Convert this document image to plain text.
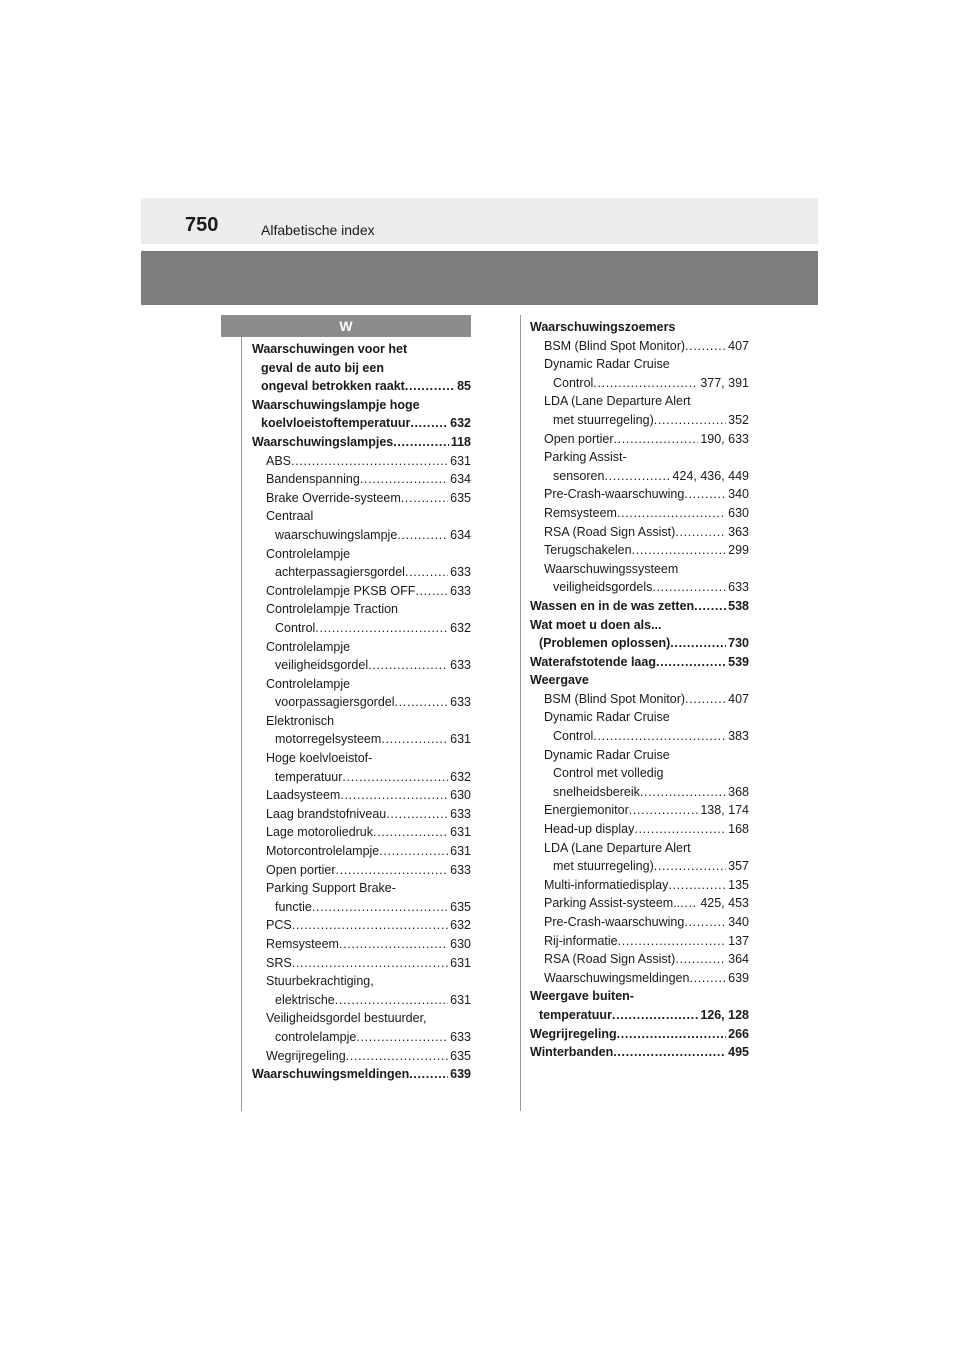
750	Alfabetische index
W
Waarschuwingen voor het
geval de auto bij een
ongeval betrokken raakt . . .	85
Waarschuwingslampje hoge
koelvloeistoftemperatuur . . .	632
Waarschuwingslampjes . . .	118
ABS . . .	631
Bandenspanning . . .	634
Brake Override-systeem . . .	635
Centraal
waarschuwingslampje . . .	634
Controlelampje
achterpassagiersgordel . . .	633
Controlelampje PKSB OFF . . .	633
Controlelampje Traction
Control . . .	632
Controlelampje
veiligheidsgordel . . .	633
Controlelampje
voorpassagiersgordel . . .	633
Elektronisch
motorregelsysteem . . .	631
Hoge koelvloeistof-
temperatuur . . .	632
Laadsysteem . . .	630
Laag brandstofniveau . . .	633
Lage motoroliedruk . . .	631
Motorcontrolelampje . . .	631
Open portier . . .	633
Parking Support Brake-
functie . . .	635
PCS . . .	632
Remsysteem . . .	630
SRS . . .	631
Stuurbekrachtiging,
elektrische . . .	631
Veiligheidsgordel bestuurder,
controlelampje . . .	633
Wegrijregeling . . .	635
Waarschuwingsmeldingen . . .	639
Waarschuwingszoemers
BSM (Blind Spot Monitor) . . .	407
Dynamic Radar Cruise
Control . . .	377, 391
LDA (Lane Departure Alert
met stuurregeling) . . .	352
Open portier . . .	190, 633
Parking Assist-
sensoren . . .	424, 436, 449
Pre-Crash-waarschuwing . . .	340
Remsysteem . . .	630
RSA (Road Sign Assist) . . .	363
Terugschakelen . . .	299
Waarschuwingssysteem
veiligheidsgordels . . .	633
Wassen en in de was zetten . . .	538
Wat moet u doen als...
(Problemen oplossen) . . .	730
Waterafstotende laag . . .	539
Weergave
BSM (Blind Spot Monitor) . . .	407
Dynamic Radar Cruise
Control . . .	383
Dynamic Radar Cruise
Control met volledig
snelheidsbereik . . .	368
Energiemonitor . . .	138, 174
Head-up display . . .	168
LDA (Lane Departure Alert
met stuurregeling) . . .	357
Multi-informatiedisplay . . .	135
Parking Assist-systeem.. . . . 425, 453
Pre-Crash-waarschuwing . . .	340
Rij-informatie . . .	137
RSA (Road Sign Assist) . . .	364
Waarschuwingsmeldingen . . .	639
Weergave buiten-
temperatuur . . .	126, 128
Wegrijregeling . . .	266
Winterbanden . . .	495
